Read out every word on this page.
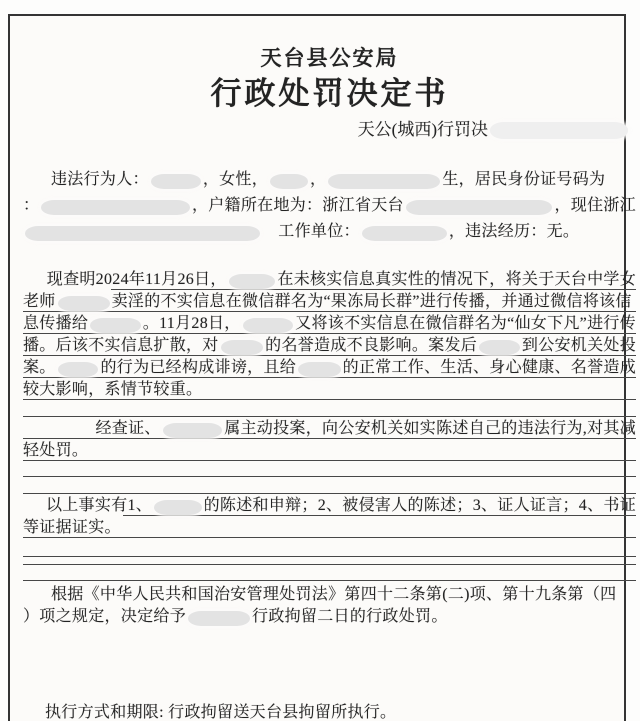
天台县公安局
行政处罚决定书
天公(城西)行罚决
违法行为人：	，女性，	，	生，居民身份证号码为
：	，户籍所在地为：浙江省天台	，现住浙江
　工作单位：	，违法经历：无。
现查明 2024年11月26日，	在未核实信息真实性的情况下，将关于天台中学女
老师	卖淫的不实信息在微信群名为“果冻局长群”进行传播，并通过微信将该信
息传播给	。11月28日，	又将该不实信息在微信群名为“仙女下凡”进行传
播。后该不实信息扩散，对	的名誉造成不良影响。案发后	到公安机关处投
案。	的行为已经构成诽谤，且给	的正常工作、生活、身心健康、名誉造成
较大影响，系情节较重。
经查证、	属主动投案，向公安机关如实陈述自己的违法行为,对其减
轻处罚。
以上事实有 1、	的陈述和申辩；2、被侵害人的陈述；3、证人证言；4、书证
等证据证实。
根据《中华人民共和国治安管理处罚法》第四十二条第(二)项、第十九条第（四
）项之规定，决定给予	行政拘留二日的行政处罚。
执行方式和期限: 行政拘留送天台县拘留所执行。
